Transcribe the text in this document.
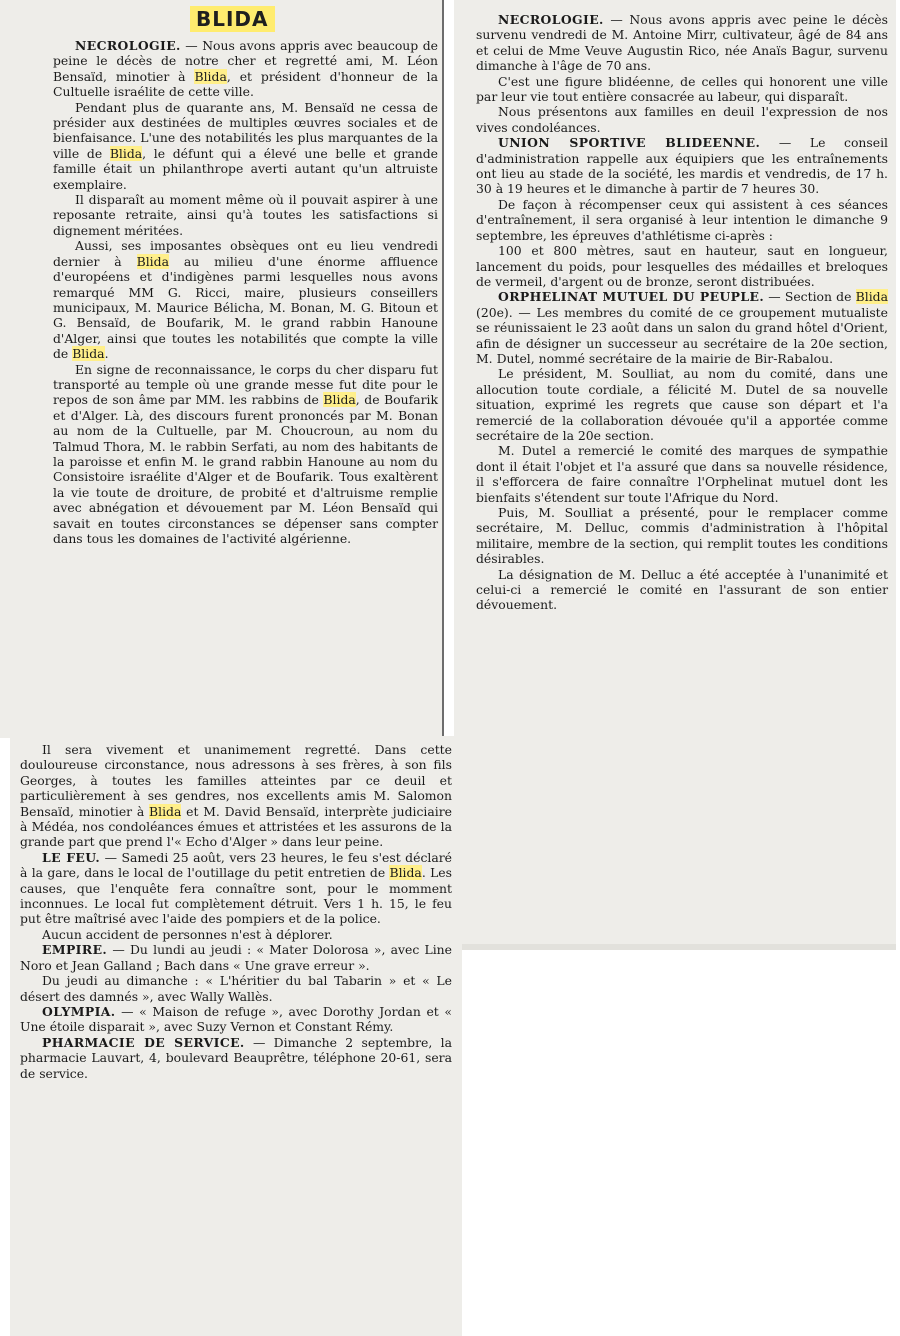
BLIDA

NECROLOGIE. — Nous avons appris avec beaucoup de peine le décès de notre cher et regretté ami, M. Léon Bensaïd, minotier à Blida, et président d'honneur de la Cultuelle israélite de cette ville.

Pendant plus de quarante ans, M. Bensaïd ne cessa de présider aux destinées de multiples œuvres sociales et de bienfaisance. L'une des notabilités les plus marquantes de la ville de Blida, le défunt qui a élevé une belle et grande famille était un philanthrope averti autant qu'un altruiste exemplaire.

Il disparaît au moment même où il pouvait aspirer à une reposante retraite, ainsi qu'à toutes les satisfactions si dignement méritées.

Aussi, ses imposantes obsèques ont eu lieu vendredi dernier à Blida au milieu d'une énorme affluence d'européens et d'indigènes parmi lesquelles nous avons remarqué MM G. Ricci, maire, plusieurs conseillers municipaux, M. Maurice Bélicha, M. Bonan, M. G. Bitoun et G. Bensaïd, de Boufarik, M. le grand rabbin Hanoune d'Alger, ainsi que toutes les notabilités que compte la ville de Blida.

En signe de reconnaissance, le corps du cher disparu fut transporté au temple où une grande messe fut dite pour le repos de son âme par MM. les rabbins de Blida, de Boufarik et d'Alger. Là, des discours furent prononcés par M. Bonan au nom de la Cultuelle, par M. Choucroun, au nom du Talmud Thora, M. le rabbin Serfati, au nom des habitants de la paroisse et enfin M. le grand rabbin Hanoune au nom du Consistoire israélite d'Alger et de Boufarik. Tous exaltèrent la vie toute de droiture, de probité et d'altruisme remplie avec abnégation et dévouement par M. Léon Bensaïd qui savait en toutes circonstances se dépenser sans compter dans tous les domaines de l'activité algérienne.

NECROLOGIE. — Nous avons appris avec peine le décès survenu vendredi de M. Antoine Mirr, cultivateur, âgé de 84 ans et celui de Mme Veuve Augustin Rico, née Anaïs Bagur, survenu dimanche à l'âge de 70 ans.

C'est une figure blidéenne, de celles qui honorent une ville par leur vie tout entière consacrée au labeur, qui disparaît.

Nous présentons aux familles en deuil l'expression de nos vives condoléances.

UNION SPORTIVE BLIDEENNE. — Le conseil d'administration rappelle aux équipiers que les entraînements ont lieu au stade de la société, les mardis et vendredis, de 17 h. 30 à 19 heures et le dimanche à partir de 7 heures 30.

De façon à récompenser ceux qui assistent à ces séances d'entraînement, il sera organisé à leur intention le dimanche 9 septembre, les épreuves d'athlétisme ci-après :

100 et 800 mètres, saut en hauteur, saut en longueur, lancement du poids, pour lesquelles des médailles et breloques de vermeil, d'argent ou de bronze, seront distribuées.

ORPHELINAT MUTUEL DU PEUPLE. — Section de Blida (20e). — Les membres du comité de ce groupement mutualiste se réunissaient le 23 août dans un salon du grand hôtel d'Orient, afin de désigner un successeur au secrétaire de la 20e section, M. Dutel, nommé secrétaire de la mairie de Bir-Rabalou.

Le président, M. Soulliat, au nom du comité, dans une allocution toute cordiale, a félicité M. Dutel de sa nouvelle situation, exprimé les regrets que cause son départ et l'a remercié de la collaboration dévouée qu'il a apportée comme secrétaire de la 20e section.

M. Dutel a remercié le comité des marques de sympathie dont il était l'objet et l'a assuré que dans sa nouvelle résidence, il s'efforcera de faire connaître l'Orphelinat mutuel dont les bienfaits s'étendent sur toute l'Afrique du Nord.

Puis, M. Soulliat a présenté, pour le remplacer comme secrétaire, M. Delluc, commis d'administration à l'hôpital militaire, membre de la section, qui remplit toutes les conditions désirables.

La désignation de M. Delluc a été acceptée à l'unanimité et celui-ci a remercié le comité en l'assurant de son entier dévouement.

Il sera vivement et unanimement regretté. Dans cette douloureuse circonstance, nous adressons à ses frères, à son fils Georges, à toutes les familles atteintes par ce deuil et particulièrement à ses gendres, nos excellents amis M. Salomon Bensaïd, minotier à Blida et M. David Bensaïd, interprète judiciaire à Médéa, nos condoléances émues et attristées et les assurons de la grande part que prend l'« Echo d'Alger » dans leur peine.

LE FEU. — Samedi 25 août, vers 23 heures, le feu s'est déclaré à la gare, dans le local de l'outillage du petit entretien de Blida. Les causes, que l'enquête fera connaître sont, pour le momment inconnues. Le local fut complètement détruit. Vers 1 h. 15, le feu put être maîtrisé avec l'aide des pompiers et de la police.

Aucun accident de personnes n'est à déplorer.

EMPIRE. — Du lundi au jeudi : « Mater Dolorosa », avec Line Noro et Jean Galland ; Bach dans « Une grave erreur ».

Du jeudi au dimanche : « L'héritier du bal Tabarin » et « Le désert des damnés », avec Wally Wallès.

OLYMPIA. — « Maison de refuge », avec Dorothy Jordan et « Une étoile disparait », avec Suzy Vernon et Constant Rémy.

PHARMACIE DE SERVICE. — Dimanche 2 septembre, la pharmacie Lauvart, 4, boulevard Beauprêtre, téléphone 20-61, sera de service.
